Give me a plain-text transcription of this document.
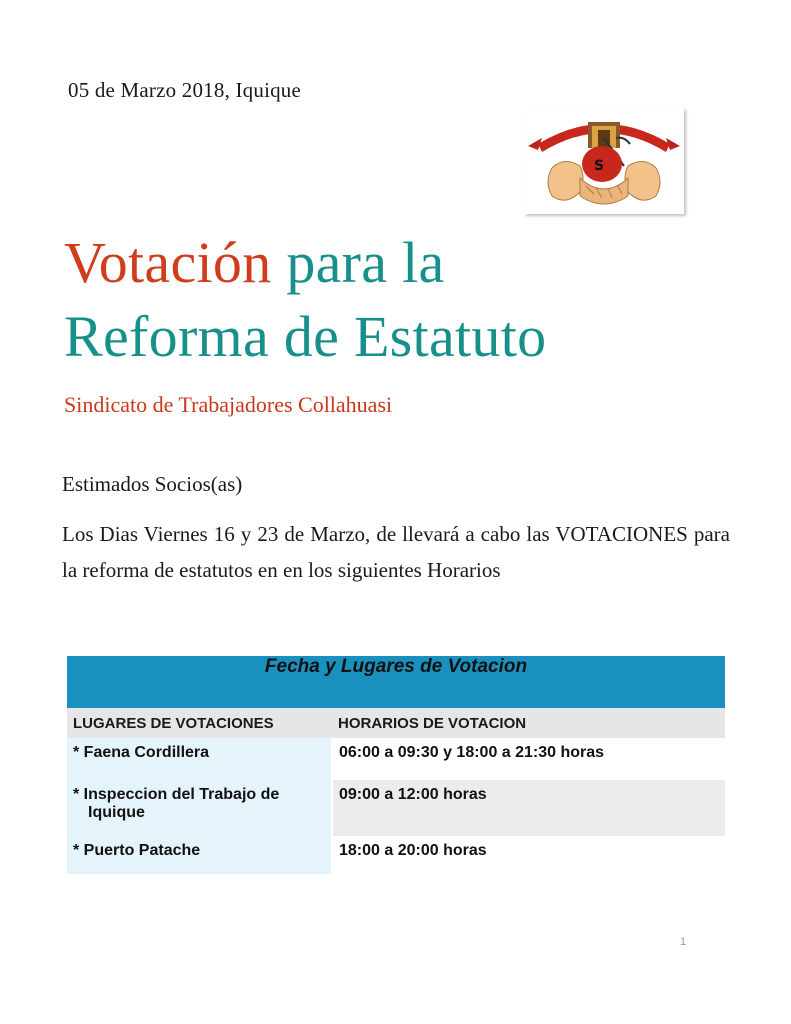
05 de Marzo 2018, Iquique
S
Votación para la
Reforma de Estatuto
Sindicato de Trabajadores Collahuasi
Estimados Socios(as)

Los Dias Viernes 16 y 23 de Marzo, de llevará a cabo las VOTACIONES para la reforma de estatutos en en los siguientes Horarios

Fecha y Lugares de Votacion	
LUGARES DE VOTACIONES	HORARIOS DE VOTACION
* Faena Cordillera	06:00 a 09:30 y 18:00 a 21:30 horas
* Inspeccion del Trabajo de
Iquique	09:00 a 12:00 horas
* Puerto Patache	18:00 a 20:00 horas
1
